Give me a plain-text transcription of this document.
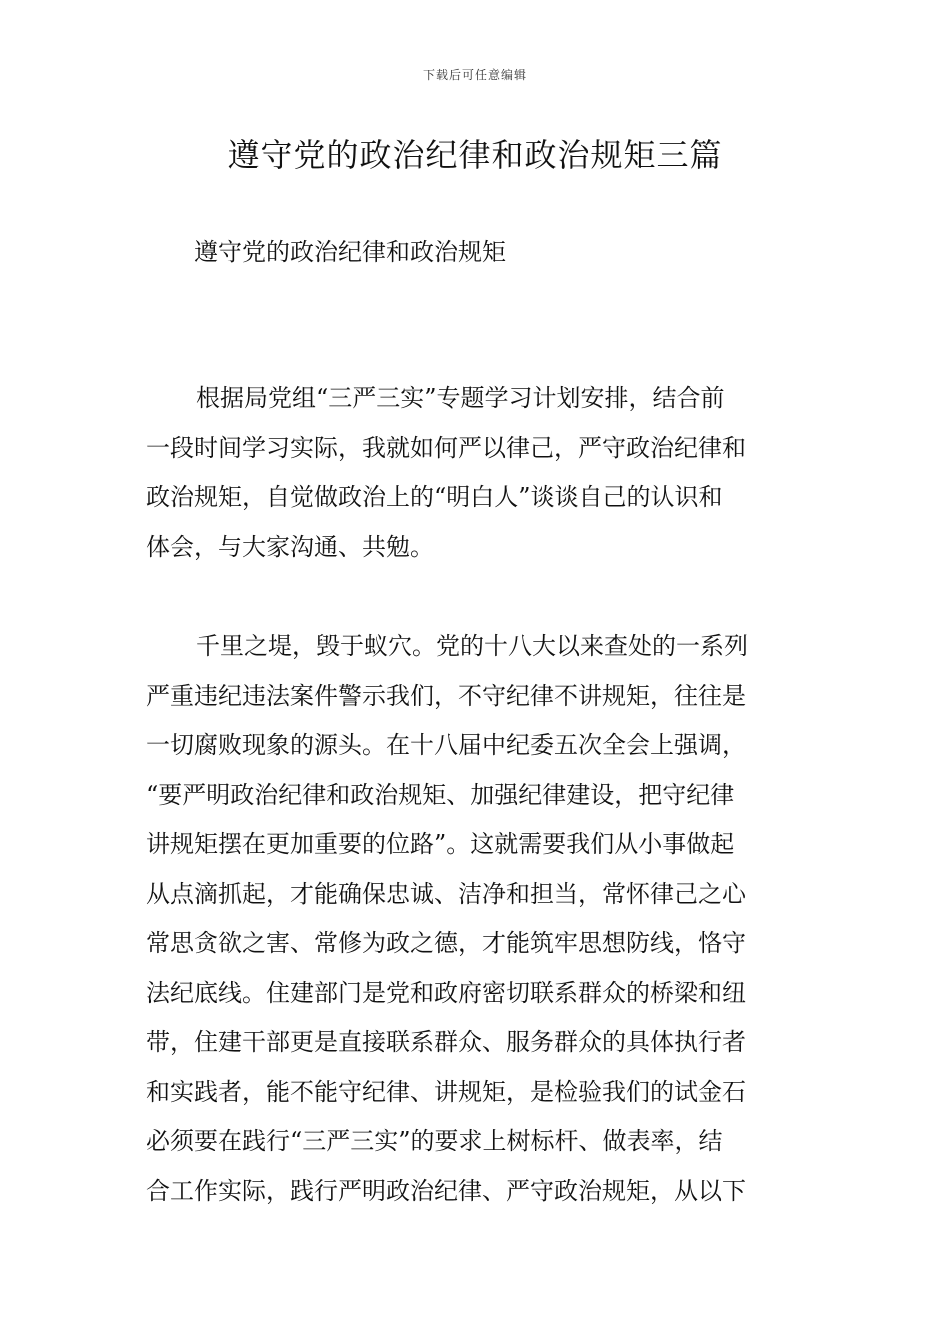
下载后可任意编辑
遵守党的政治纪律和政治规矩三篇
遵守党的政治纪律和政治规矩

根据局党组“三严三实”专题学习计划安排，结合前
一段时间学习实际，我就如何严以律己，严守政治纪律和
政治规矩，自觉做政治上的“明白人”谈谈自己的认识和
体会，与大家沟通、共勉。

千里之堤，毁于蚁穴。党的十八大以来查处的一系列
严重违纪违法案件警示我们，不守纪律不讲规矩，往往是
一切腐败现象的源头。在十八届中纪委五次全会上强调，
“要严明政治纪律和政治规矩、加强纪律建设，把守纪律
讲规矩摆在更加重要的位路”。这就需要我们从小事做起
从点滴抓起，才能确保忠诚、洁净和担当，常怀律己之心
常思贪欲之害、常修为政之德，才能筑牢思想防线，恪守
法纪底线。住建部门是党和政府密切联系群众的桥梁和纽
带，住建干部更是直接联系群众、服务群众的具体执行者
和实践者，能不能守纪律、讲规矩，是检验我们的试金石
必须要在践行“三严三实”的要求上树标杆、做表率，结
合工作实际，践行严明政治纪律、严守政治规矩，从以下
